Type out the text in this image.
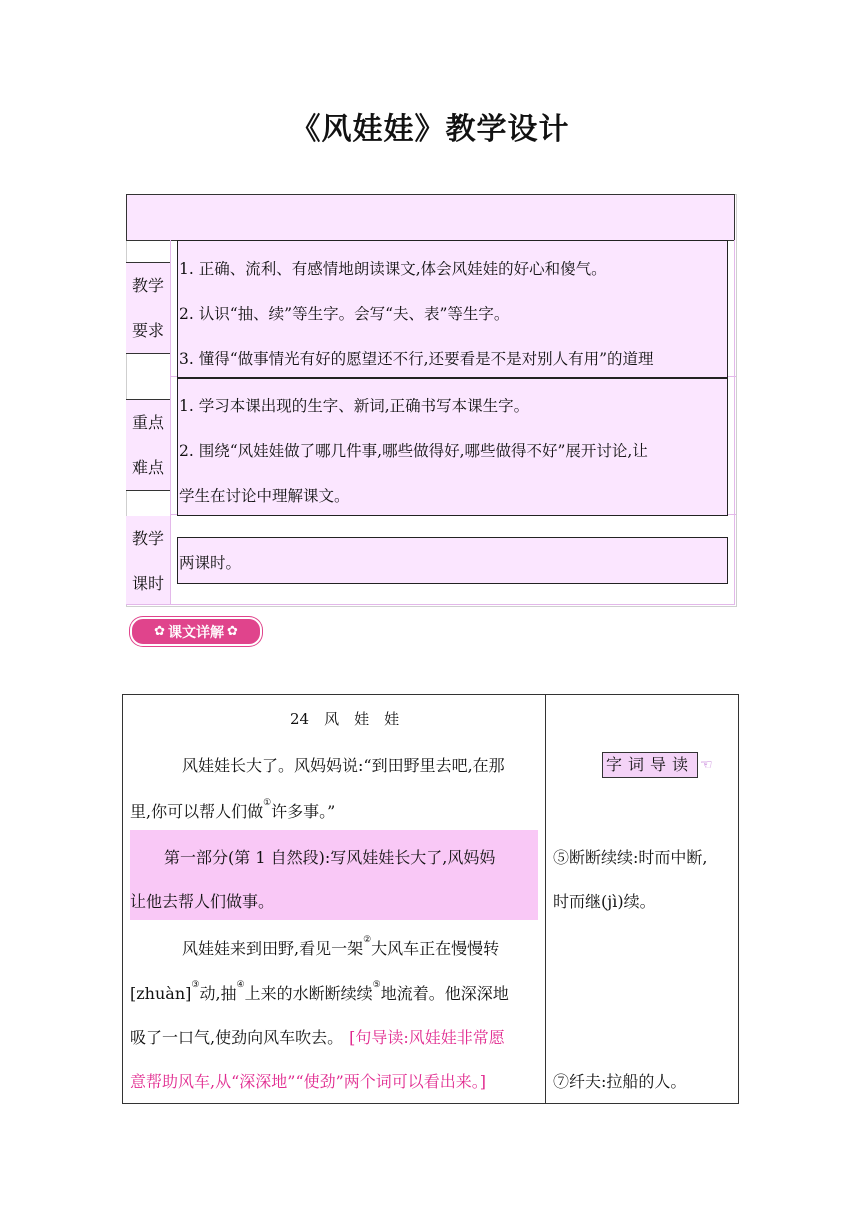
《风娃娃》教学设计
教学
要求

1. 正确、流利、有感情地朗读课文,体会风娃娃的好心和傻气。

2. 认识“抽、续”等生字。会写“夫、表”等生字。

3. 懂得“做事情光有好的愿望还不行,还要看是不是对别人有用”的道理

重点
难点

1. 学习本课出现的生字、新词,正确书写本课生字。

2. 围绕“风娃娃做了哪几件事,哪些做得好,哪些做得不好”展开讨论,让

学生在讨论中理解课文。

教学
课时

两课时。

✿ 课文详解 ✿
24　风　娃　娃
风娃娃长大了。风妈妈说:“到田野里去吧,在那
里,你可以帮人们做①许多事。”
第一部分(第 1 自然段):写风娃娃长大了,风妈妈
让他去帮人们做事。
风娃娃来到田野,看见一架②大风车正在慢慢转
[zhuàn]③动,抽④上来的水断断续续⑤地流着。他深深地
吸了一口气,使劲向风车吹去。 [句导读:风娃娃非常愿
意帮助风车,从“深深地”“使劲”两个词可以看出来。]
字词导读 ☜
⑤断断续续:时而中断,
时而继(jì)续。
⑦纤夫:拉船的人。
